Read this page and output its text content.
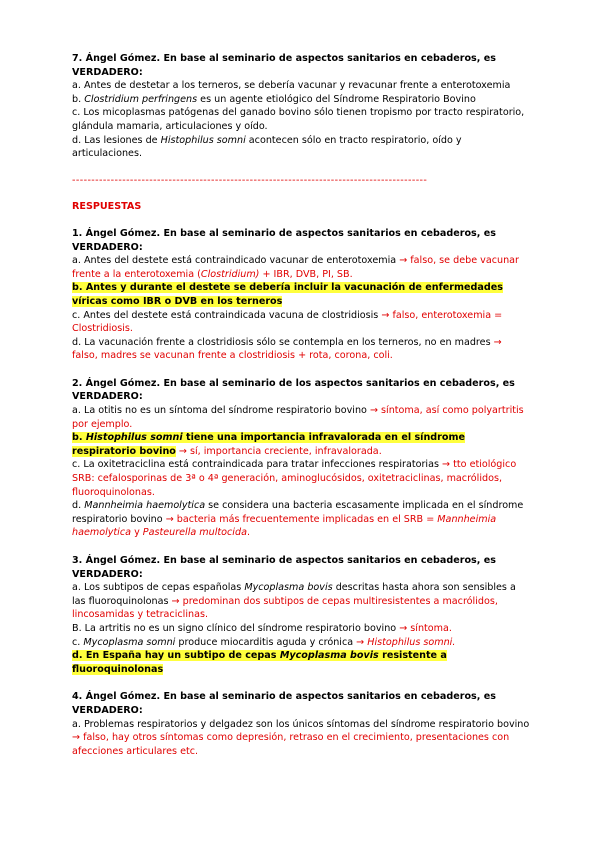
7. Ángel Gómez. En base al seminario de aspectos sanitarios en cebaderos, es VERDADERO:

a. Antes de destetar a los terneros, se debería vacunar y revacunar frente a enterotoxemia

b. Clostridium perfringens es un agente etiológico del Síndrome Respiratorio Bovino

c. Los micoplasmas patógenas del ganado bovino sólo tienen tropismo por tracto respiratorio, glándula mamaria, articulaciones y oído.

d. Las lesiones de Histophilus somni acontecen sólo en tracto respiratorio, oído y articulaciones.

--------------------------------------------------------------------------------------------

RESPUESTAS

1. Ángel Gómez. En base al seminario de aspectos sanitarios en cebaderos, es VERDADERO:

a. Antes del destete está contraindicado vacunar de enterotoxemia → falso, se debe vacunar frente a la enterotoxemia (Clostridium) + IBR, DVB, PI, SB.

b. Antes y durante el destete se debería incluir la vacunación de enfermedades víricas como IBR o DVB en los terneros

c. Antes del destete está contraindicada vacuna de clostridiosis → falso, enterotoxemia = Clostridiosis.

d. La vacunación frente a clostridiosis sólo se contempla en los terneros, no en madres → falso, madres se vacunan frente a clostridiosis + rota, corona, coli.

2. Ángel Gómez. En base al seminario de los aspectos sanitarios en cebaderos, es VERDADERO:

a. La otitis no es un síntoma del síndrome respiratorio bovino → síntoma, así como polyartritis por ejemplo.

b. Histophilus somni tiene una importancia infravalorada en el síndrome respiratorio bovino → sí, importancia creciente, infravalorada.

c. La oxitetraciclina está contraindicada para tratar infecciones respiratorias → tto etiológico SRB: cefalosporinas de 3ª o 4ª generación, aminoglucósidos, oxitetraciclinas, macrólidos, fluoroquinolonas.

d. Mannheimia haemolytica se considera una bacteria escasamente implicada en el síndrome respiratorio bovino → bacteria más frecuentemente implicadas en el SRB = Mannheimia haemolytica y Pasteurella multocida.

3. Ángel Gómez. En base al seminario de aspectos sanitarios en cebaderos, es VERDADERO:

a. Los subtipos de cepas españolas Mycoplasma bovis descritas hasta ahora son sensibles a las fluoroquinolonas → predominan dos subtipos de cepas multiresistentes a macrólidos, lincosamidas y tetraciclinas.

B. La artritis no es un signo clínico del síndrome respiratorio bovino → síntoma.

c. Mycoplasma somni produce miocarditis aguda y crónica → Histophilus somni.

d. En España hay un subtipo de cepas Mycoplasma bovis resistente a fluoroquinolonas

4. Ángel Gómez. En base al seminario de aspectos sanitarios en cebaderos, es VERDADERO:

a. Problemas respiratorios y delgadez son los únicos síntomas del síndrome respiratorio bovino → falso, hay otros síntomas como depresión, retraso en el crecimiento, presentaciones con afecciones articulares etc.
